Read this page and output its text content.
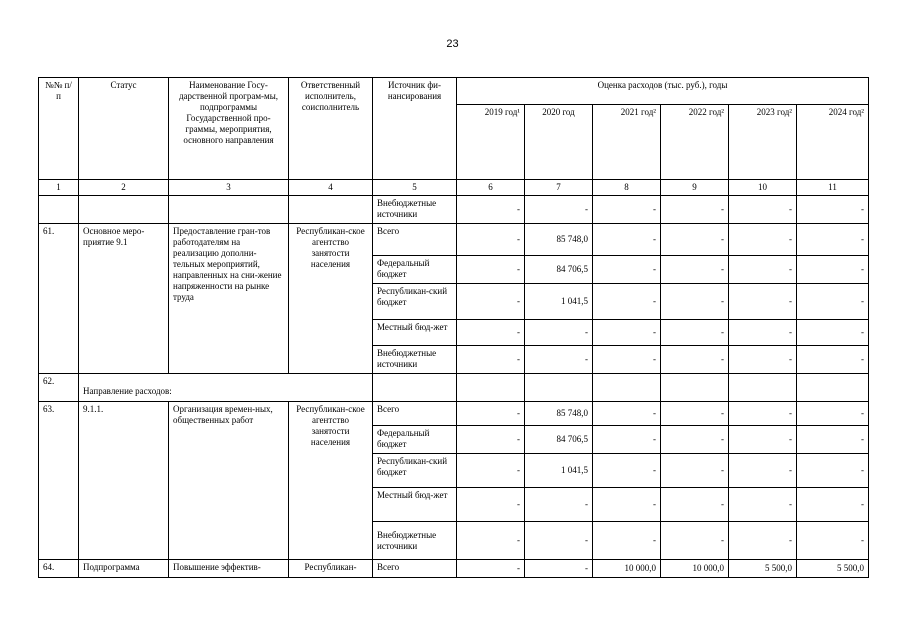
23
№№ п/п	Статус	Наименование Госу-дарственной програм-мы, подпрограммы Государственной про-граммы, мероприятия, основного направления	Ответственный исполнитель, соисполнитель	Источник фи-нансирования	Оценка расходов (тыс. руб.), годы					
					2019 год¹	2020 год	2021 год²	2022 год²	2023 год²	2024 год²
1	2	3	4	5	6	7	8	9	10	11
				Внебюджетные источники	-	-	-	-	-	-
61.	Основное меро-приятие 9.1	Предоставление гран-тов работодателям на реализацию дополни-тельных мероприятий, направленных на сни-жение напряженности на рынке труда	Республикан-ское агентство занятости населения	Всего	-	85 748,0	-	-	-	-
				Федеральный бюджет	-	84 706,5	-	-	-	-
				Республикан-ский бюджет	-	1 041,5	-	-	-	-
				Местный бюд-жет	-	-	-	-	-	-
				Внебюджетные источники	-	-	-	-	-	-
62.	Направление расходов:									
63.	9.1.1.	Организация времен-ных, общественных работ	Республикан-ское агентство занятости населения	Всего	-	85 748,0	-	-	-	-
				Федеральный бюджет	-	84 706,5	-	-	-	-
				Республикан-ский бюджет	-	1 041,5	-	-	-	-
				Местный бюд-жет	-	-	-	-	-	-
				Внебюджетные источники	-	-	-	-	-	-
64.	Подпрограмма	Повышение эффектив-	Республикан-	Всего	-	-	10 000,0	10 000,0	5 500,0	5 500,0
